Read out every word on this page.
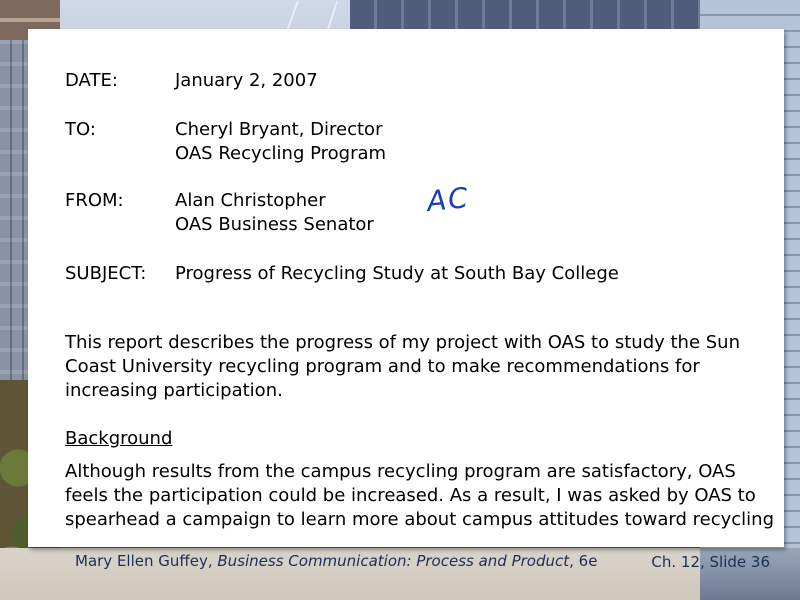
DATE:	January 2, 2007
TO:	Cheryl Bryant, Director
OAS Recycling Program
FROM:	Alan Christopher
OAS Business Senator
AC
SUBJECT: Progress of Recycling Study at South Bay College
This report describes the progress of my project with OAS to study the Sun Coast University recycling program and to make recommendations for increasing participation.
Background
Although results from the campus recycling program are satisfactory, OAS feels the participation could be increased. As a result, I was asked by OAS to spearhead a campaign to learn more about campus attitudes toward recycling
Mary Ellen Guffey, Business Communication: Process and Product, 6e	Ch. 12, Slide 36
